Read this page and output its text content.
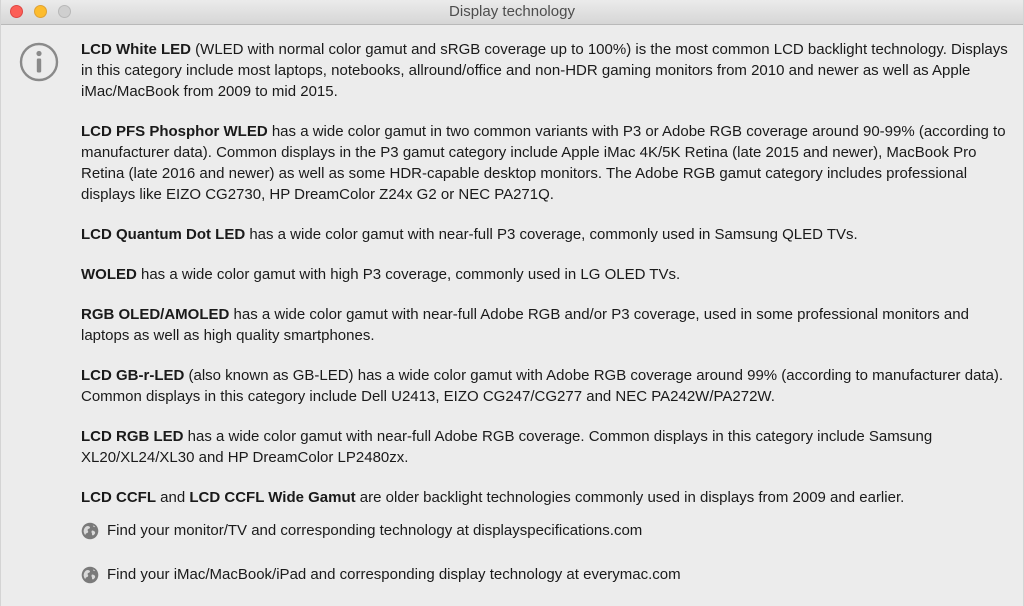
Display technology

LCD White LED (WLED with normal color gamut and sRGB coverage up to 100%) is the most common LCD backlight technology. Displays in this category include most laptops, notebooks, allround/office and non-HDR gaming monitors from 2010 and newer as well as Apple iMac/MacBook from 2009 to mid 2015.

LCD PFS Phosphor WLED has a wide color gamut in two common variants with P3 or Adobe RGB coverage around 90-99% (according to manufacturer data). Common displays in the P3 gamut category include Apple iMac 4K/5K Retina (late 2015 and newer), MacBook Pro Retina (late 2016 and newer) as well as some HDR-capable desktop monitors. The Adobe RGB gamut category includes professional displays like EIZO CG2730, HP DreamColor Z24x G2 or NEC PA271Q.

LCD Quantum Dot LED has a wide color gamut with near-full P3 coverage, commonly used in Samsung QLED TVs.

WOLED has a wide color gamut with high P3 coverage, commonly used in LG OLED TVs.

RGB OLED/AMOLED has a wide color gamut with near-full Adobe RGB and/or P3 coverage, used in some professional monitors and laptops as well as high quality smartphones.

LCD GB-r-LED (also known as GB-LED) has a wide color gamut with Adobe RGB coverage around 99% (according to manufacturer data). Common displays in this category include Dell U2413, EIZO CG247/CG277 and NEC PA242W/PA272W.

LCD RGB LED has a wide color gamut with near-full Adobe RGB coverage. Common displays in this category include Samsung XL20/XL24/XL30 and HP DreamColor LP2480zx.

LCD CCFL and LCD CCFL Wide Gamut are older backlight technologies commonly used in displays from 2009 and earlier.

Find your monitor/TV and corresponding technology at displayspecifications.com
Find your iMac/MacBook/iPad and corresponding display technology at everymac.com
